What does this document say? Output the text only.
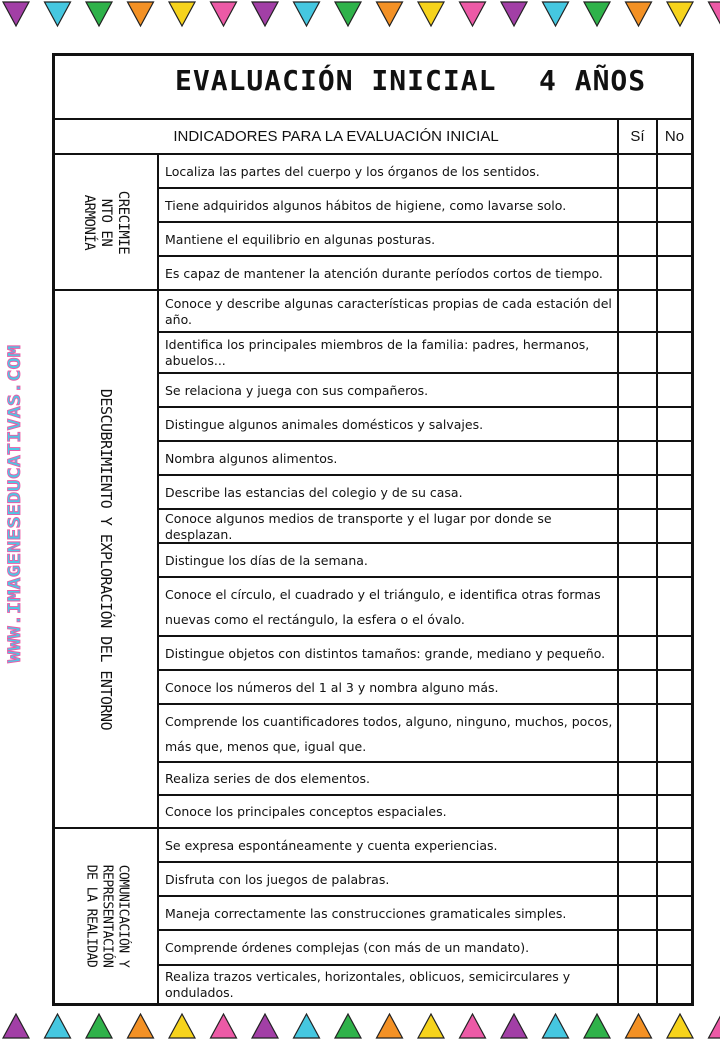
WWW.IMAGENESEDUCATIVAS.COM
EVALUACIÓN INICIAL 4 AÑOS
INDICADORES PARA LA EVALUACIÓN INICIAL	Sí	No
CRECIMIE
NTO EN
ARMONÍA
Localiza las partes del cuerpo y los órganos de los sentidos.
Tiene adquiridos algunos hábitos de higiene, como lavarse solo.
Mantiene el equilibrio en algunas posturas.
Es capaz de mantener la atención durante períodos cortos de tiempo.
DESCUBRIMIENTO Y EXPLORACIÓN DEL ENTORNO
Conoce y describe algunas características propias de cada estación del año.
Identifica los principales miembros de la familia: padres, hermanos, abuelos...
Se relaciona y juega con sus compañeros.
Distingue algunos animales domésticos y salvajes.
Nombra algunos alimentos.
Describe las estancias del colegio y de su casa.
Conoce algunos medios de transporte y el lugar por donde se desplazan.
Distingue los días de la semana.
Conoce el círculo, el cuadrado y el triángulo, e identifica otras formas nuevas como el rectángulo, la esfera o el óvalo.
Distingue objetos con distintos tamaños: grande, mediano y pequeño.
Conoce los números del 1 al 3 y nombra alguno más.
Comprende los cuantificadores todos, alguno, ninguno, muchos, pocos, más que, menos que, igual que.
Realiza series de dos elementos.
Conoce los principales conceptos espaciales.
COMUNICACIÓN Y
REPRESENTACIÓN
DE LA REALIDAD
Se expresa espontáneamente y cuenta experiencias.
Disfruta con los juegos de palabras.
Maneja correctamente las construcciones gramaticales simples.
Comprende órdenes complejas (con más de un mandato).
Realiza trazos verticales, horizontales, oblicuos, semicirculares y ondulados.
